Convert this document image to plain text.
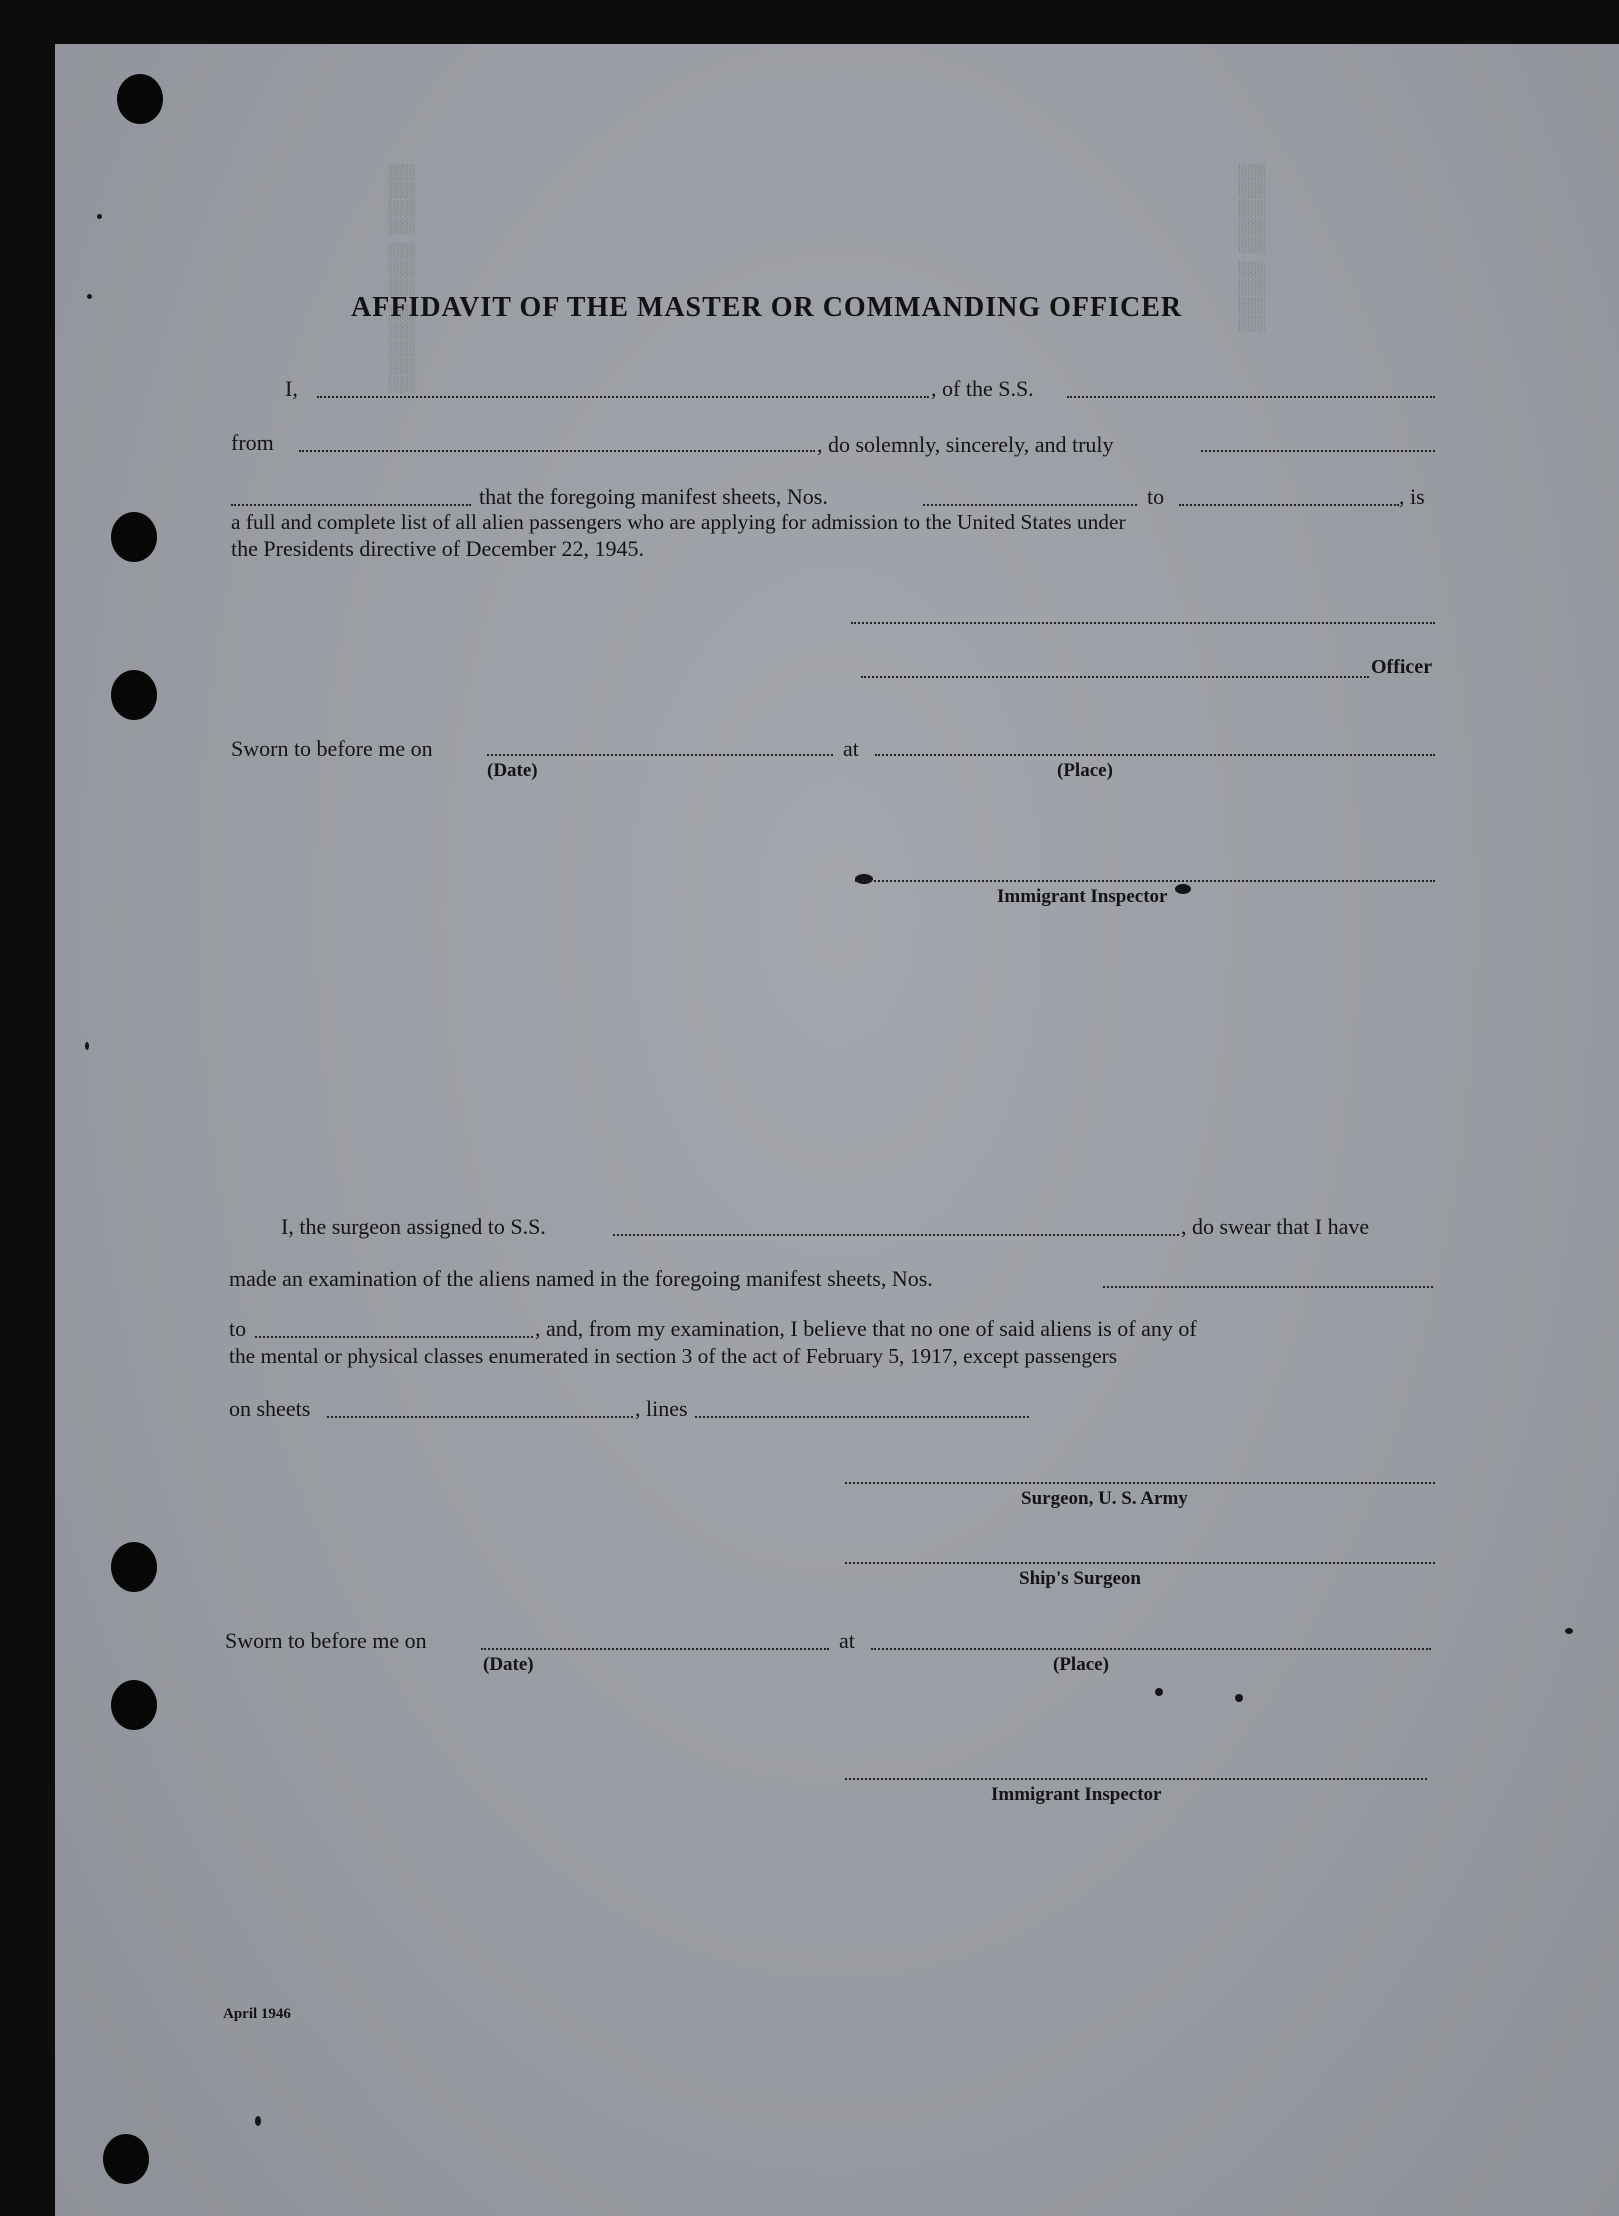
▒▒▒▒ ▒▒▒ ▒▒▒▒▒	▒▒▒▒▒ ▒▒▒▒
AFFIDAVIT OF THE MASTER OR COMMANDING OFFICER
I,	, of the S.S.
from	, do solemnly, sincerely, and truly
that the foregoing manifest sheets, Nos.	to	, is
a full and complete list of all alien passengers who are applying for admission to the United States under
the Presidents directive of December 22, 1945.
Officer
Sworn to before me on	at
(Date)	(Place)
Immigrant Inspector
I, the surgeon assigned to S.S.	, do swear that I have
made an examination of the aliens named in the foregoing manifest sheets, Nos.
to	, and, from my examination, I believe that no one of said aliens is of any of
the mental or physical classes enumerated in section 3 of the act of February 5, 1917, except passengers
on sheets	, lines
Surgeon, U. S. Army
Ship's Surgeon
Sworn to before me on	at
(Date)	(Place)
Immigrant Inspector
April 1946
